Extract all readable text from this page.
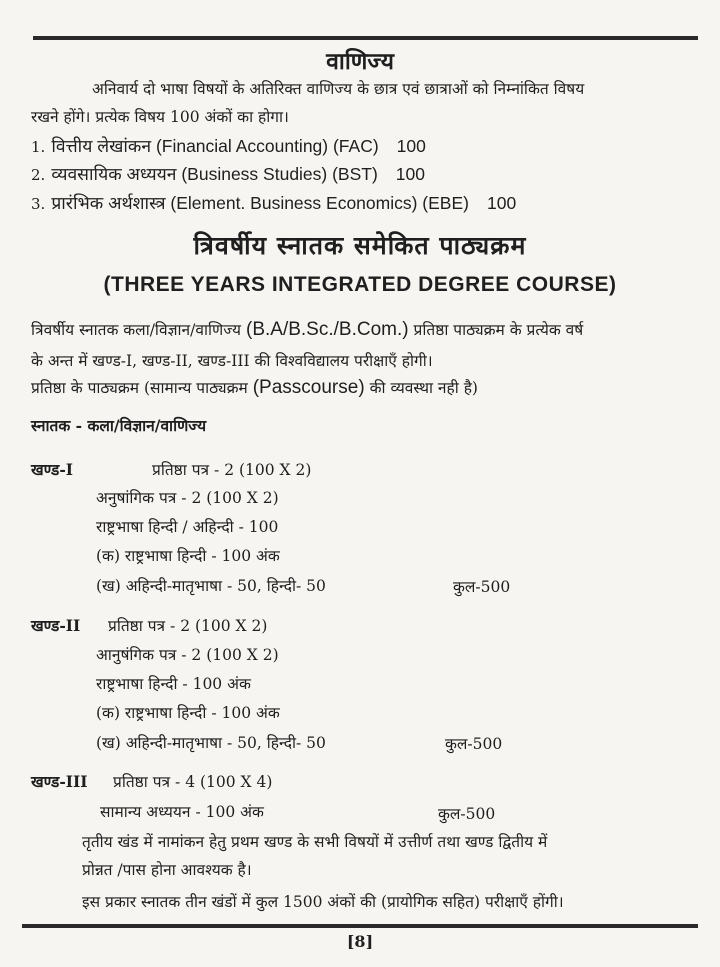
वाणिज्य
अनिवार्य दो भाषा विषयों के अतिरिक्त वाणिज्य के छात्र एवं छात्राओं को निम्नांकित विषय
रखने होंगे। प्रत्येक विषय 100 अंकों का होगा।
1. वित्तीय लेखांकन (Financial Accounting) (FAC) 100
2. व्यवसायिक अध्ययन (Business Studies) (BST) 100
3. प्रारंभिक अर्थशास्त्र (Element. Business Economics) (EBE) 100
त्रिवर्षीय स्नातक समेकित पाठ्यक्रम
(THREE YEARS INTEGRATED DEGREE COURSE)
त्रिवर्षीय स्नातक कला/विज्ञान/वाणिज्य (B.A/B.Sc./B.Com.) प्रतिष्ठा पाठ्यक्रम के प्रत्येक वर्ष
के अन्त में खण्ड-I, खण्ड-II, खण्ड-III की विश्वविद्यालय परीक्षाएँ होगी।
प्रतिष्ठा के पाठ्यक्रम (सामान्य पाठ्यक्रम (Passcourse) की व्यवस्था नही है)
स्नातक - कला/विज्ञान/वाणिज्य
खण्ड-I	प्रतिष्ठा पत्र - 2 (100 X 2)
अनुषांगिक पत्र - 2 (100 X 2)
राष्ट्रभाषा हिन्दी / अहिन्दी - 100
(क) राष्ट्रभाषा हिन्दी - 100 अंक
(ख) अहिन्दी-मातृभाषा - 50, हिन्दी- 50	कुल-500
खण्ड-II प्रतिष्ठा पत्र - 2 (100 X 2)
आनुषंगिक पत्र - 2 (100 X 2)
राष्ट्रभाषा हिन्दी - 100 अंक
(क) राष्ट्रभाषा हिन्दी - 100 अंक
(ख) अहिन्दी-मातृभाषा - 50, हिन्दी- 50	कुल-500
खण्ड-III प्रतिष्ठा पत्र - 4 (100 X 4)
सामान्य अध्ययन - 100 अंक	कुल-500
तृतीय खंड में नामांकन हेतु प्रथम खण्ड के सभी विषयों में उत्तीर्ण तथा खण्ड द्वितीय में
प्रोन्नत /पास होना आवश्यक है।
इस प्रकार स्नातक तीन खंडों में कुल 1500 अंकों की (प्रायोगिक सहित) परीक्षाएँ होंगी।
[8]
